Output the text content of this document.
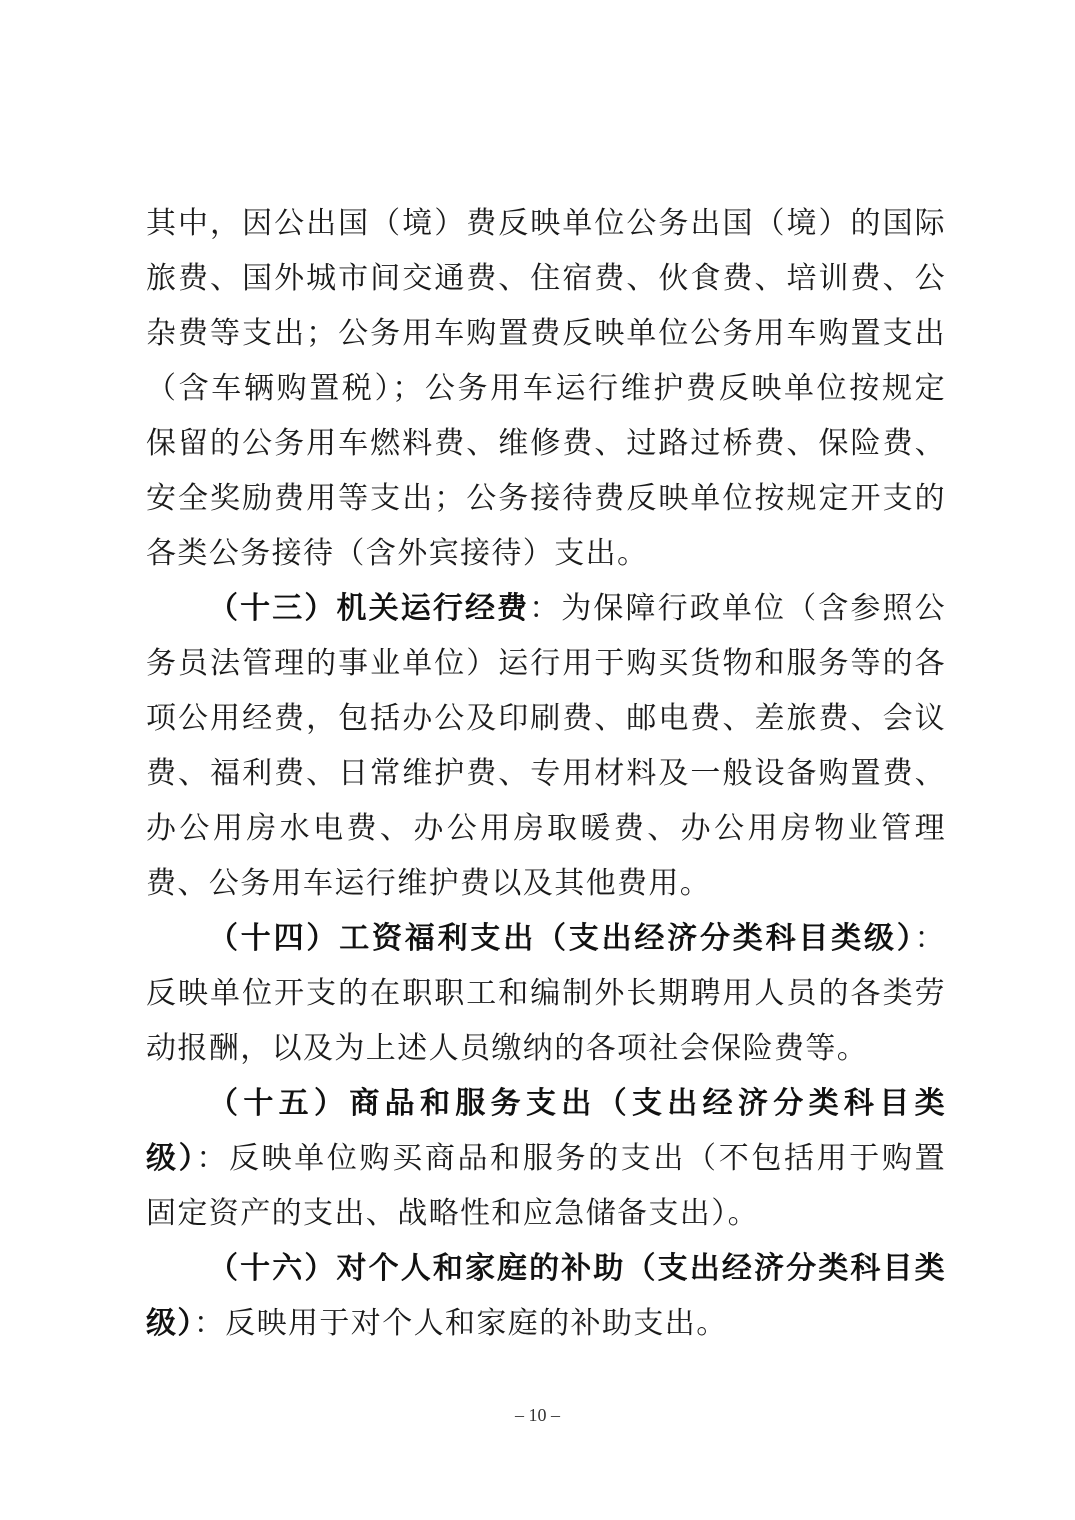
其中，因公出国（境）费反映单位公务出国（境）的国际旅费、国外城市间交通费、住宿费、伙食费、培训费、公杂费等支出；公务用车购置费反映单位公务用车购置支出（含车辆购置税）；公务用车运行维护费反映单位按规定保留的公务用车燃料费、维修费、过路过桥费、保险费、安全奖励费用等支出；公务接待费反映单位按规定开支的各类公务接待（含外宾接待）支出。

（十三）机关运行经费：为保障行政单位（含参照公务员法管理的事业单位）运行用于购买货物和服务等的各项公用经费，包括办公及印刷费、邮电费、差旅费、会议费、福利费、日常维护费、专用材料及一般设备购置费、办公用房水电费、办公用房取暖费、办公用房物业管理费、公务用车运行维护费以及其他费用。

（十四）工资福利支出（支出经济分类科目类级）：反映单位开支的在职职工和编制外长期聘用人员的各类劳动报酬，以及为上述人员缴纳的各项社会保险费等。

（十五）商品和服务支出（支出经济分类科目类级）：反映单位购买商品和服务的支出（不包括用于购置固定资产的支出、战略性和应急储备支出）。

（十六）对个人和家庭的补助（支出经济分类科目类级）：反映用于对个人和家庭的补助支出。

– 10 –
